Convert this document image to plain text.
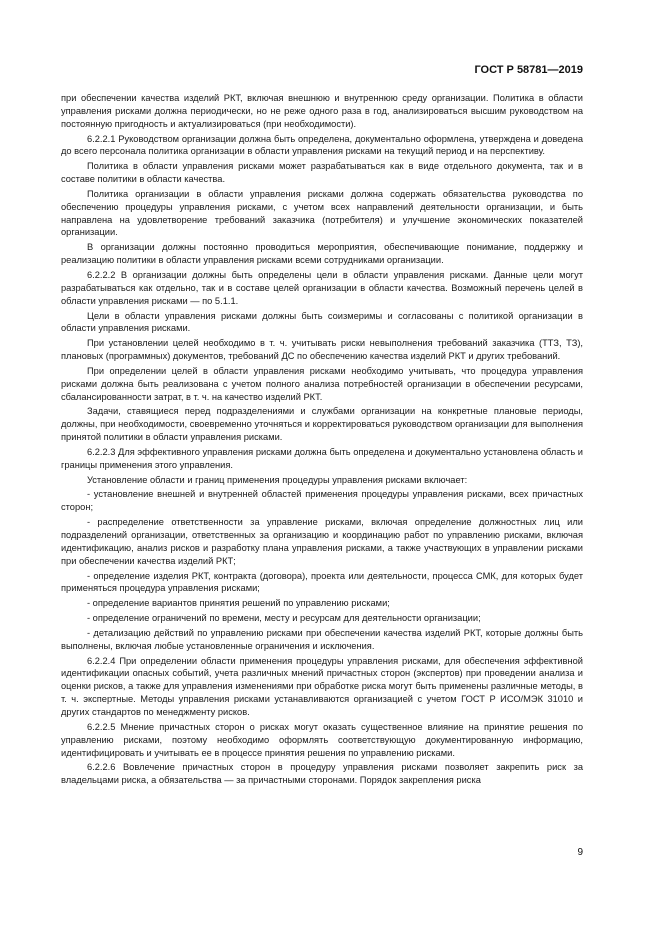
ГОСТ Р 58781—2019

при обеспечении качества изделий РКТ, включая внешнюю и внутреннюю среду организации. Политика в области управления рисками должна периодически, но не реже одного раза в год, анализироваться высшим руководством на постоянную пригодность и актуализироваться (при необходимости).

6.2.2.1 Руководством организации должна быть определена, документально оформлена, утверждена и доведена до всего персонала политика организации в области управления рисками на текущий период и на перспективу.

Политика в области управления рисками может разрабатываться как в виде отдельного документа, так и в составе политики в области качества.

Политика организации в области управления рисками должна содержать обязательства руководства по обеспечению процедуры управления рисками, с учетом всех направлений деятельности организации, и быть направлена на удовлетворение требований заказчика (потребителя) и улучшение экономических показателей организации.

В организации должны постоянно проводиться мероприятия, обеспечивающие понимание, поддержку и реализацию политики в области управления рисками всеми сотрудниками организации.

6.2.2.2 В организации должны быть определены цели в области управления рисками. Данные цели могут разрабатываться как отдельно, так и в составе целей организации в области качества. Возможный перечень целей в области управления рисками — по 5.1.1.

Цели в области управления рисками должны быть соизмеримы и согласованы с политикой организации в области управления рисками.

При установлении целей необходимо в т. ч. учитывать риски невыполнения требований заказчика (ТТЗ, ТЗ), плановых (программных) документов, требований ДС по обеспечению качества изделий РКТ и других требований.

При определении целей в области управления рисками необходимо учитывать, что процедура управления рисками должна быть реализована с учетом полного анализа потребностей организации в обеспечении ресурсами, сбалансированности затрат, в т. ч. на качество изделий РКТ.

Задачи, ставящиеся перед подразделениями и службами организации на конкретные плановые периоды, должны, при необходимости, своевременно уточняться и корректироваться руководством организации для выполнения принятой политики в области управления рисками.

6.2.2.3 Для эффективного управления рисками должна быть определена и документально установлена область и границы применения этого управления.

Установление области и границ применения процедуры управления рисками включает:

- установление внешней и внутренней областей применения процедуры управления рисками, всех причастных сторон;

- распределение ответственности за управление рисками, включая определение должностных лиц или подразделений организации, ответственных за организацию и координацию работ по управлению рисками, включая идентификацию, анализ рисков и разработку плана управления рисками, а также участвующих в управлении рисками при обеспечении качества изделий РКТ;

- определение изделия РКТ, контракта (договора), проекта или деятельности, процесса СМК, для которых будет применяться процедура управления рисками;

- определение вариантов принятия решений по управлению рисками;

- определение ограничений по времени, месту и ресурсам для деятельности организации;

- детализацию действий по управлению рисками при обеспечении качества изделий РКТ, которые должны быть выполнены, включая любые установленные ограничения и исключения.

6.2.2.4 При определении области применения процедуры управления рисками, для обеспечения эффективной идентификации опасных событий, учета различных мнений причастных сторон (экспертов) при проведении анализа и оценки рисков, а также для управления изменениями при обработке риска могут быть применены различные методы, в т. ч. экспертные. Методы управления рисками устанавливаются организацией с учетом ГОСТ Р ИСО/МЭК 31010 и других стандартов по менеджменту рисков.

6.2.2.5 Мнение причастных сторон о рисках могут оказать существенное влияние на принятие решения по управлению рисками, поэтому необходимо оформлять соответствующую документированную информацию, идентифицировать и учитывать ее в процессе принятия решения по управлению рисками.

6.2.2.6 Вовлечение причастных сторон в процедуру управления рисками позволяет закрепить риск за владельцами риска, а обязательства — за причастными сторонами. Порядок закрепления риска

9
